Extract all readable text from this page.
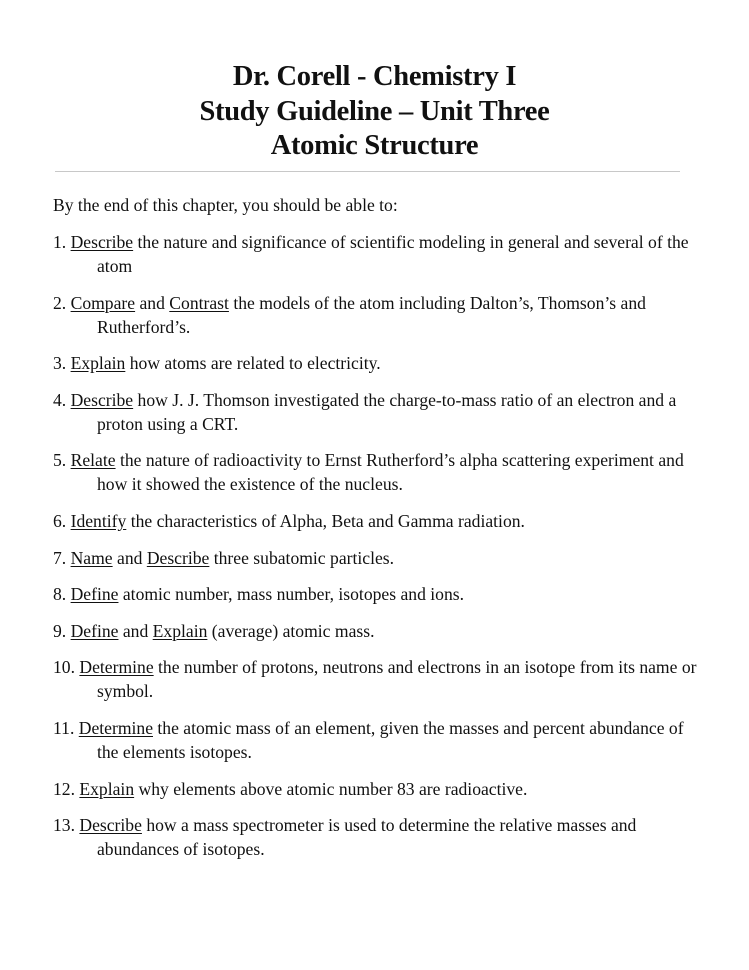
Dr. Corell - Chemistry I
Study Guideline – Unit Three
Atomic Structure
By the end of this chapter, you should be able to:
1. Describe the nature and significance of scientific modeling in general and several of the atom
2. Compare and Contrast the models of the atom including Dalton’s, Thomson’s and Rutherford’s.
3. Explain how atoms are related to electricity.
4. Describe how J. J. Thomson investigated the charge-to-mass ratio of an electron and a proton using a CRT.
5. Relate the nature of radioactivity to Ernst Rutherford’s alpha scattering experiment and how it showed the existence of the nucleus.
6. Identify the characteristics of Alpha, Beta and Gamma radiation.
7. Name and Describe three subatomic particles.
8. Define atomic number, mass number, isotopes and ions.
9. Define and Explain (average) atomic mass.
10. Determine the number of protons, neutrons and electrons in an isotope from its name or symbol.
11. Determine the atomic mass of an element, given the masses and percent abundance of the elements isotopes.
12. Explain why elements above atomic number 83 are radioactive.
13. Describe how a mass spectrometer is used to determine the relative masses and abundances of isotopes.
